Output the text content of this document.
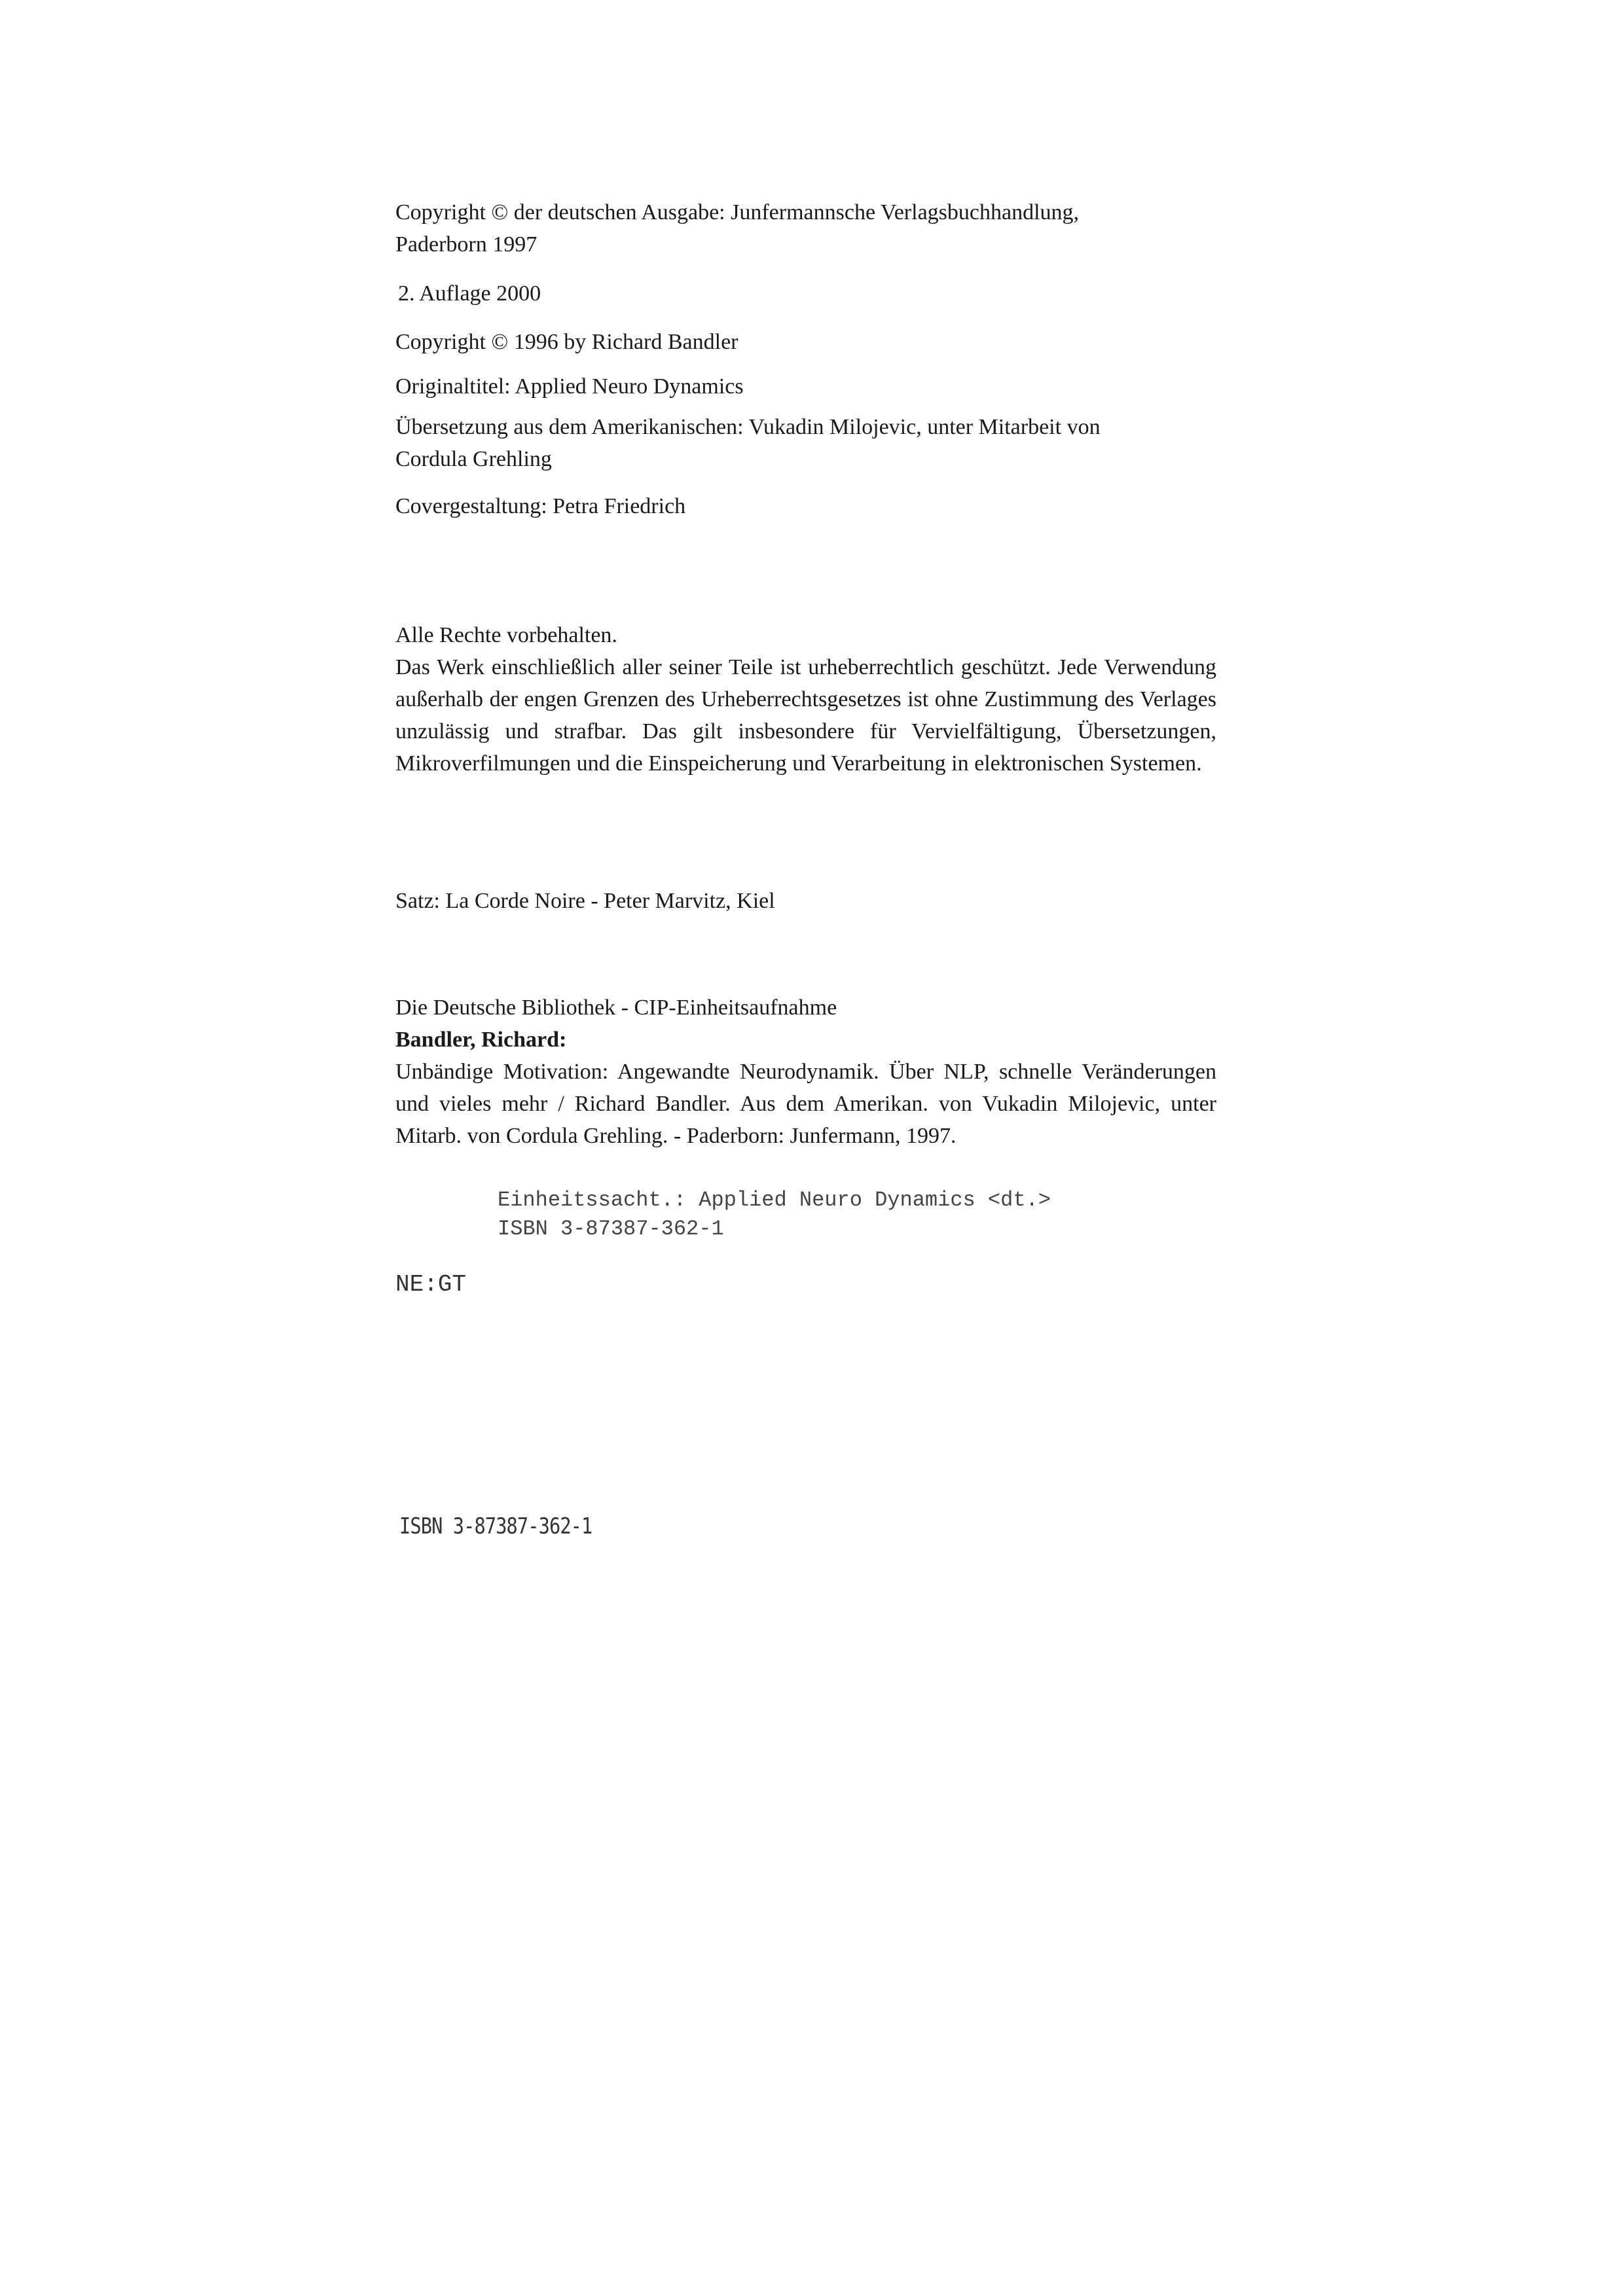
Copyright © der deutschen Ausgabe: Junfermannsche Verlagsbuchhandlung,
Paderborn 1997
2. Auflage 2000
Copyright © 1996 by Richard Bandler
Originaltitel: Applied Neuro Dynamics
Übersetzung aus dem Amerikanischen: Vukadin Milojevic, unter Mitarbeit von
Cordula Grehling
Covergestaltung: Petra Friedrich
Alle Rechte vorbehalten.
Das Werk einschließlich aller seiner Teile ist urheberrechtlich geschützt. Jede Verwendung außerhalb der engen Grenzen des Urheberrechtsgesetzes ist ohne Zustimmung des Verlages unzulässig und strafbar. Das gilt insbesondere für Vervielfältigung, Übersetzungen, Mikroverfilmungen und die Einspeicherung und Verarbeitung in elektronischen Systemen.
Satz: La Corde Noire - Peter Marvitz, Kiel
Die Deutsche Bibliothek - CIP-Einheitsaufnahme
Bandler, Richard:
Unbändige Motivation: Angewandte Neurodynamik. Über NLP, schnelle Veränderungen und vieles mehr / Richard Bandler. Aus dem Amerikan. von Vukadin Milojevic, unter Mitarb. von Cordula Grehling. - Paderborn: Junfermann, 1997.
Einheitssacht.: Applied Neuro Dynamics <dt.>
ISBN 3-87387-362-1
NE:GT
ISBN 3-87387-362-1
